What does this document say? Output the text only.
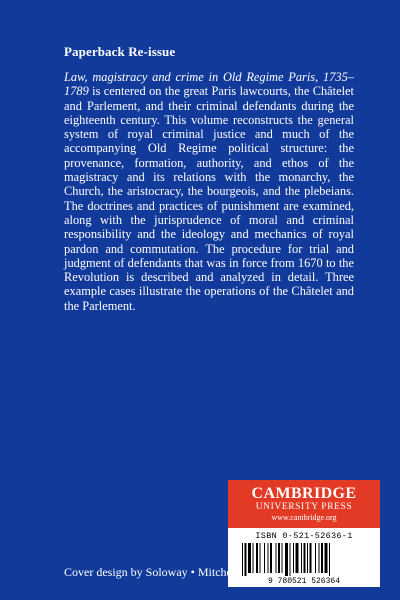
Paperback Re-issue

Law, magistracy and crime in Old Regime Paris, 1735–1789 is centered on the great Paris lawcourts, the Châtelet and Parlement, and their criminal defendants during the eighteenth century. This volume reconstructs the general system of royal criminal justice and much of the accompanying Old Regime political structure: the provenance, formation, authority, and ethos of the magistracy and its relations with the monarchy, the Church, the aristocracy, the bourgeois, and the plebeians. The doctrines and practices of punishment are examined, along with the jurisprudence of moral and criminal responsibility and the ideology and mechanics of royal pardon and commutation. The procedure for trial and judgment of defendants that was in force from 1670 to the Revolution is described and analyzed in detail. Three example cases illustrate the operations of the Châtelet and the Parlement.

CAMBRIDGE
UNIVERSITY PRESS
www.cambridge.org
ISBN 0-521-52636-1
9 780521 526364
Cover design by Soloway • Mitchell
